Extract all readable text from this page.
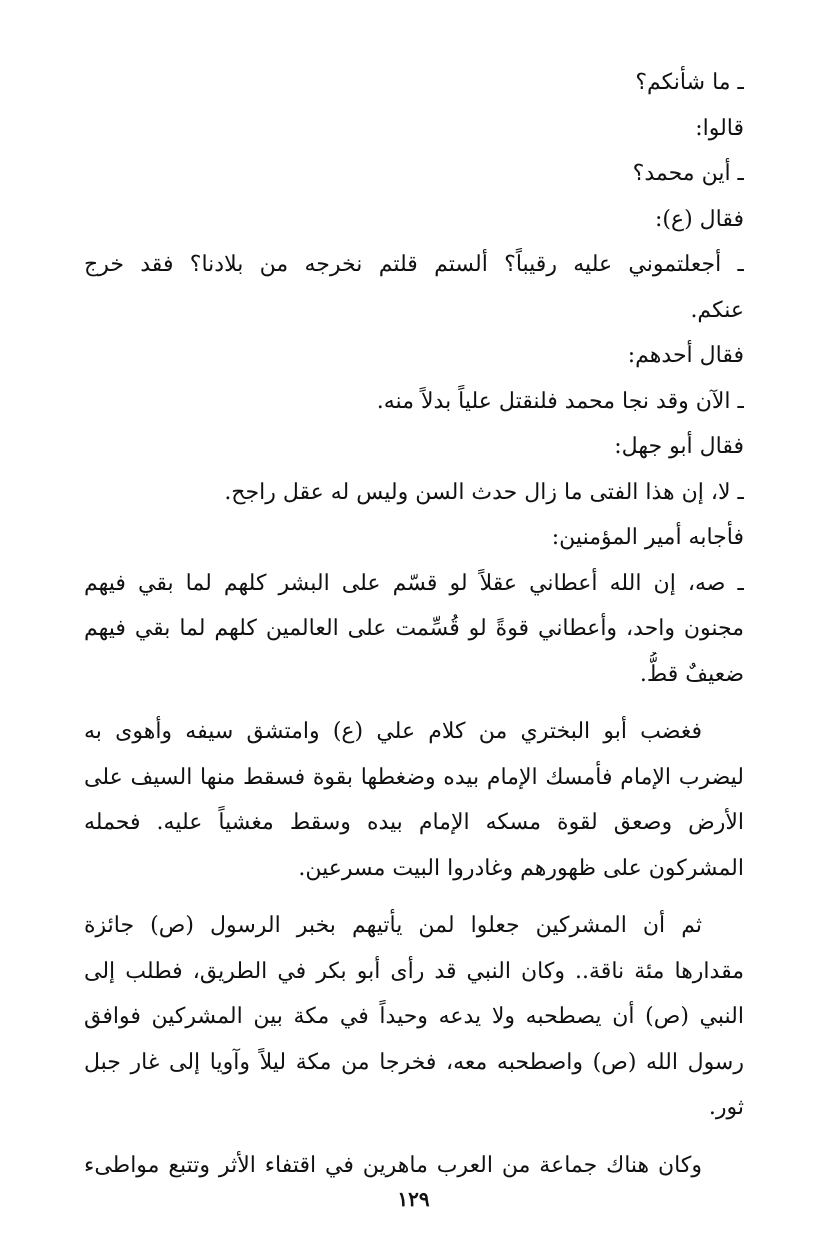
ـ ما شأنكم؟
قالوا:
ـ أين محمد؟
فقال (ع):
ـ أجعلتموني عليه رقيباً؟ ألستم قلتم نخرجه من بلادنا؟ فقد خرج
عنكم.
فقال أحدهم:
ـ الآن وقد نجا محمد فلنقتل علياً بدلاً منه.
فقال أبو جهل:
ـ لا، إن هذا الفتى ما زال حدث السن وليس له عقل راجح.
فأجابه أمير المؤمنين:
ـ صه، إن الله أعطاني عقلاً لو قسّم على البشر كلهم لما بقي فيهم
مجنون واحد، وأعطاني قوةً لو قُسِّمت على العالمين كلهم لما بقي فيهم
ضعيفٌ قطُّ.
فغضب أبو البختري من كلام علي (ع) وامتشق سيفه وأهوى به
ليضرب الإمام فأمسك الإمام بيده وضغطها بقوة فسقط منها السيف على
الأرض وصعق لقوة مسكه الإمام بيده وسقط مغشياً عليه. فحمله
المشركون على ظهورهم وغادروا البيت مسرعين.
ثم أن المشركين جعلوا لمن يأتيهم بخبر الرسول (ص) جائزة
مقدارها مئة ناقة.. وكان النبي قد رأى أبو بكر في الطريق، فطلب إلى
النبي (ص) أن يصطحبه ولا يدعه وحيداً في مكة بين المشركين فوافق
رسول الله (ص) واصطحبه معه، فخرجا من مكة ليلاً وآويا إلى غار جبل
ثور.
وكان هناك جماعة من العرب ماهرين في اقتفاء الأثر وتتبع مواطىء
١٢٩
